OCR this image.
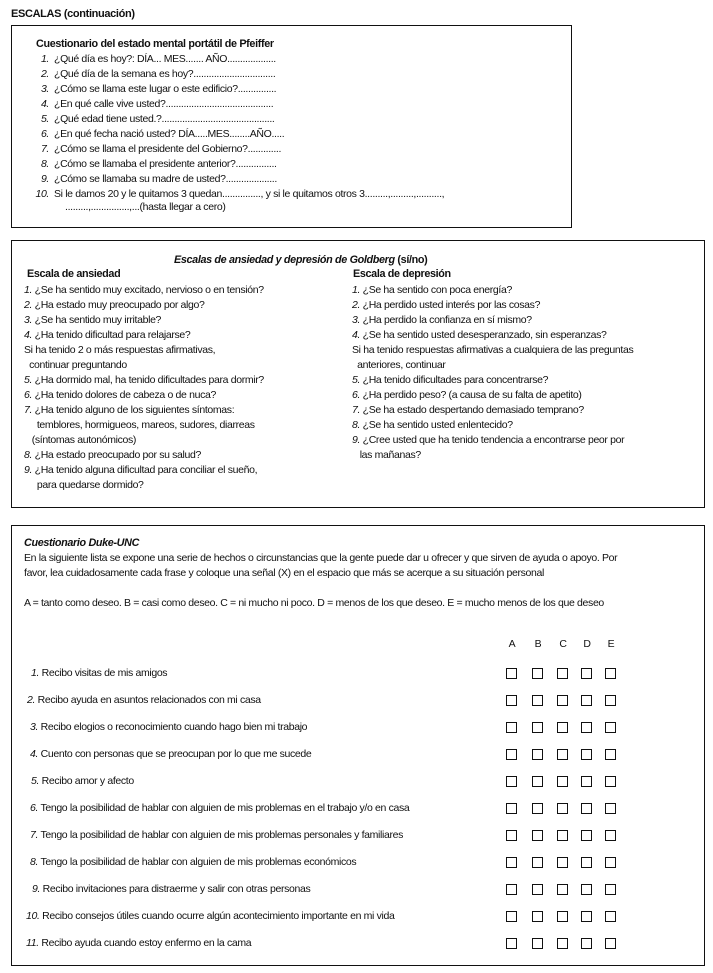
ESCALAS (continuación)
Cuestionario del estado mental portátil de Pfeiffer
1. ¿Qué día es hoy?: DÍA... MES....... AÑO...................
2. ¿Qué día de la semana es hoy?................................
3. ¿Cómo se llama este lugar o este edificio?...............
4. ¿En qué calle vive usted?..........................................
5. ¿Qué edad tiene usted.?............................................
6. ¿En qué fecha nació usted? DÍA.....MES........AÑO.....
7. ¿Cómo se llama el presidente del Gobierno?.............
8. ¿Cómo se llamaba el presidente anterior?................
9. ¿Cómo se llamaba su madre de usted?....................
10. Si le damos 20 y le quitamos 3 quedan..............., y si le quitamos otros 3.........,.........,..........,
.........,...............,...(hasta llegar a cero)
Escalas de ansiedad y depresión de Goldberg (sí/no)
Escala de ansiedad	Escala de depresión
1. ¿Se ha sentido muy excitado, nervioso o en tensión?
2. ¿Ha estado muy preocupado por algo?
3. ¿Se ha sentido muy irritable?
4. ¿Ha tenido dificultad para relajarse?
Si ha tenido 2 o más respuestas afirmativas,
continuar preguntando
5. ¿Ha dormido mal, ha tenido dificultades para dormir?
6. ¿Ha tenido dolores de cabeza o de nuca?
7. ¿Ha tenido alguno de los siguientes síntomas:
temblores, hormigueos, mareos, sudores, diarreas
(síntomas autonómicos)
8. ¿Ha estado preocupado por su salud?
9. ¿Ha tenido alguna dificultad para conciliar el sueño,
para quedarse dormido?
1. ¿Se ha sentido con poca energía?
2. ¿Ha perdido usted interés por las cosas?
3. ¿Ha perdido la confianza en sí mismo?
4. ¿Se ha sentido usted desesperanzado, sin esperanzas?
Si ha tenido respuestas afirmativas a cualquiera de las preguntas
anteriores, continuar
5. ¿Ha tenido dificultades para concentrarse?
6. ¿Ha perdido peso? (a causa de su falta de apetito)
7. ¿Se ha estado despertando demasiado temprano?
8. ¿Se ha sentido usted enlentecido?
9. ¿Cree usted que ha tenido tendencia a encontrarse peor por
las mañanas?
Cuestionario Duke-UNC
En la siguiente lista se expone una serie de hechos o circunstancias que la gente puede dar u ofrecer y que sirven de ayuda o apoyo. Por
favor, lea cuidadosamente cada frase y coloque una señal (X) en el espacio que más se acerque a su situación personal
A = tanto como deseo. B = casi como deseo. C = ni mucho ni poco. D = menos de los que deseo. E = mucho menos de los que deseo
A B C D E
1. Recibo visitas de mis amigos
2. Recibo ayuda en asuntos relacionados con mi casa
3. Recibo elogios o reconocimiento cuando hago bien mi trabajo
4. Cuento con personas que se preocupan por lo que me sucede
5. Recibo amor y afecto
6. Tengo la posibilidad de hablar con alguien de mis problemas en el trabajo y/o en casa
7. Tengo la posibilidad de hablar con alguien de mis problemas personales y familiares
8. Tengo la posibilidad de hablar con alguien de mis problemas económicos
9. Recibo invitaciones para distraerme y salir con otras personas
10. Recibo consejos útiles cuando ocurre algún acontecimiento importante en mi vida
11. Recibo ayuda cuando estoy enfermo en la cama
